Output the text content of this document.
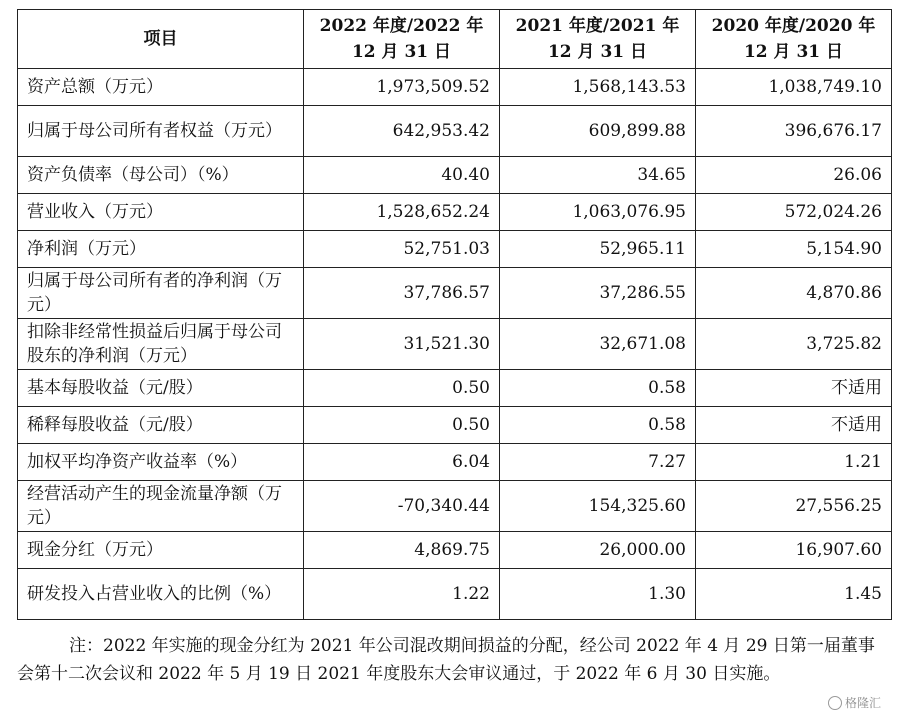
项目	2022 年度/2022 年 12 月 31 日	2021 年度/2021 年 12 月 31 日	2020 年度/2020 年 12 月 31 日
资产总额（万元）	1,973,509.52	1,568,143.53	1,038,749.10
归属于母公司所有者权益（万元）	642,953.42	609,899.88	396,676.17
资产负债率（母公司）（%）	40.40	34.65	26.06
营业收入（万元）	1,528,652.24	1,063,076.95	572,024.26
净利润（万元）	52,751.03	52,965.11	5,154.90
归属于母公司所有者的净利润（万元）	37,786.57	37,286.55	4,870.86
扣除非经常性损益后归属于母公司股东的净利润（万元）	31,521.30	32,671.08	3,725.82
基本每股收益（元/股）	0.50	0.58	不适用
稀释每股收益（元/股）	0.50	0.58	不适用
加权平均净资产收益率（%）	6.04	7.27	1.21
经营活动产生的现金流量净额（万元）	-70,340.44	154,325.60	27,556.25
现金分红（万元）	4,869.75	26,000.00	16,907.60
研发投入占营业收入的比例（%）	1.22	1.30	1.45

注：2022 年实施的现金分红为 2021 年公司混改期间损益的分配，经公司 2022 年 4 月 29 日第一届董事会第十二次会议和 2022 年 5 月 19 日 2021 年度股东大会审议通过，于 2022 年 6 月 30 日实施。

格隆汇
